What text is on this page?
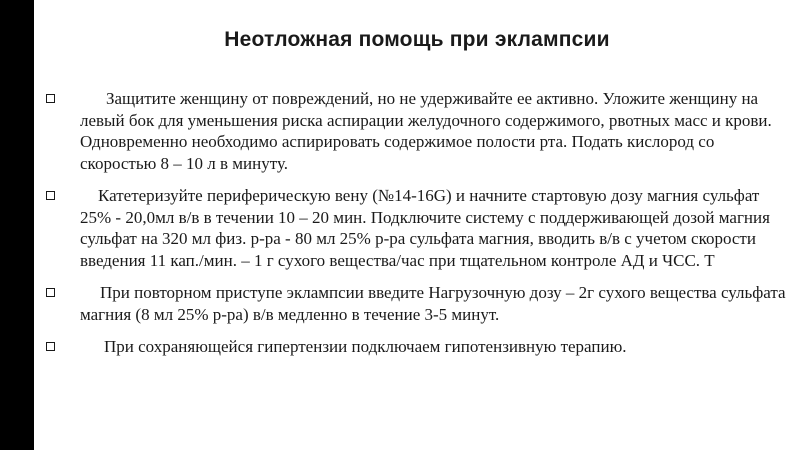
Неотложная помощь при эклампсии
Защитите женщину от повреждений, но не удерживайте ее активно. Уложите женщину на левый бок для уменьшения риска аспирации желудочного содержимого, рвотных масс и крови. Одновременно необходимо аспирировать содержимое полости рта. Подать кислород со скоростью 8 – 10 л в минуту.
Катетеризуйте периферическую вену (№14-16G) и начните стартовую дозу магния сульфат 25% - 20,0мл в/в в течении 10 – 20 мин. Подключите систему с поддерживающей дозой магния сульфат на 320 мл физ. р-ра - 80 мл 25% р-ра сульфата магния, вводить в/в с учетом скорости введения 11 кап./мин. – 1 г сухого вещества/час при тщательном контроле АД и ЧСС. Т
При повторном приступе эклампсии введите Нагрузочную дозу – 2г сухого вещества сульфата магния (8 мл 25% р-ра) в/в медленно в течение 3-5 минут.
При сохраняющейся гипертензии подключаем гипотензивную терапию.
